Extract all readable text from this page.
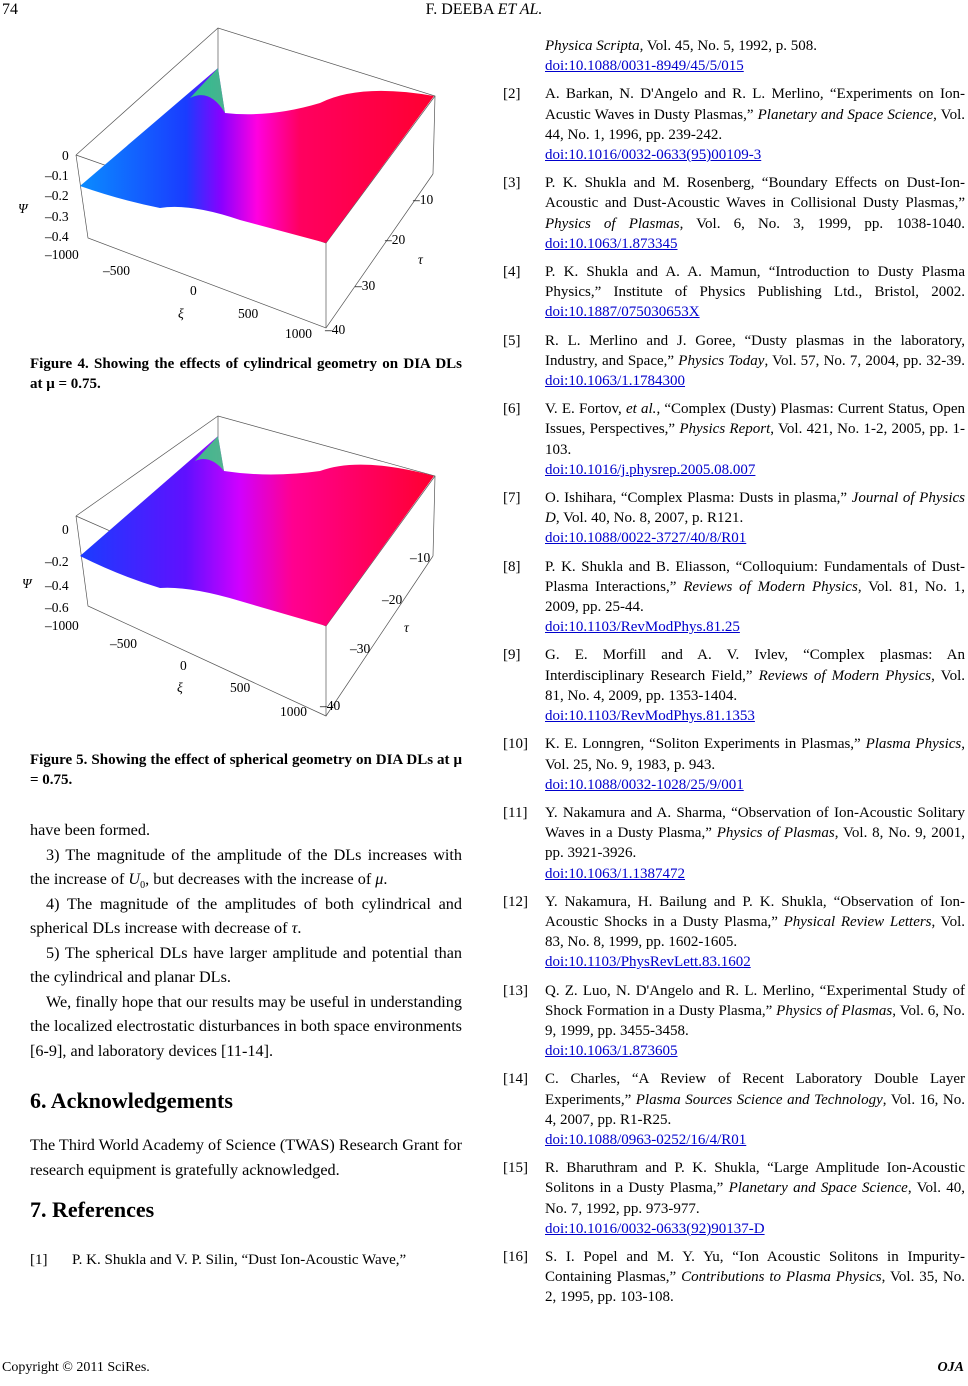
74	F. DEEBA ET AL.
0
–0.1
–0.2
–0.3
–0.4
Ψ
–1000
–500
0
500
1000
ξ
–10
–20
–30
–40
τ
Figure 4. Showing the effects of cylindrical geometry on DIA DLs at μ = 0.75.
0
–0.2
–0.4
–0.6
Ψ
–1000
–500
0
500
1000
ξ
–10
–20
–30
–40
τ
Figure 5. Showing the effect of spherical geometry on DIA DLs at μ = 0.75.

have been formed.

3) The magnitude of the amplitude of the DLs increases with the increase of $U_0$, but decreases with the increase of μ.

4) The magnitude of the amplitudes of both cylindrical and spherical DLs increase with decrease of τ.

5) The spherical DLs have larger amplitude and potential than the cylindrical and planar DLs.

We, finally hope that our results may be useful in understanding the localized electrostatic disturbances in both space environments [6-9], and laboratory devices [11-14].

6. Acknowledgements
The Third World Academy of Science (TWAS) Research Grant for research equipment is gratefully acknowledged.
7. References
[1] P. K. Shukla and V. P. Silin, “Dust Ion-Acoustic Wave,”
Physica Scripta, Vol. 45, No. 5, 1992, p. 508.
doi:10.1088/0031-8949/45/5/015
[2] A. Barkan, N. D'Angelo and R. L. Merlino, “Experiments on Ion-Acustic Waves in Dusty Plasmas,” Planetary and Space Science, Vol. 44, No. 1, 1996, pp. 239-242.
doi:10.1016/0032-0633(95)00109-3
[3] P. K. Shukla and M. Rosenberg, “Boundary Effects on Dust-Ion-Acoustic and Dust-Acoustic Waves in Collisional Dusty Plasmas,” Physics of Plasmas, Vol. 6, No. 3, 1999, pp. 1038-1040. doi:10.1063/1.873345
[4] P. K. Shukla and A. A. Mamun, “Introduction to Dusty Plasma Physics,” Institute of Physics Publishing Ltd., Bristol, 2002. doi:10.1887/075030653X
[5] R. L. Merlino and J. Goree, “Dusty plasmas in the laboratory, Industry, and Space,” Physics Today, Vol. 57, No. 7, 2004, pp. 32-39. doi:10.1063/1.1784300
[6] V. E. Fortov, et al., “Complex (Dusty) Plasmas: Current Status, Open Issues, Perspectives,” Physics Report, Vol. 421, No. 1-2, 2005, pp. 1-103.
doi:10.1016/j.physrep.2005.08.007
[7] O. Ishihara, “Complex Plasma: Dusts in plasma,” Journal of Physics D, Vol. 40, No. 8, 2007, p. R121.
doi:10.1088/0022-3727/40/8/R01
[8] P. K. Shukla and B. Eliasson, “Colloquium: Fundamentals of Dust-Plasma Interactions,” Reviews of Modern Physics, Vol. 81, No. 1, 2009, pp. 25-44.
doi:10.1103/RevModPhys.81.25
[9] G. E. Morfill and A. V. Ivlev, “Complex plasmas: An Interdisciplinary Research Field,” Reviews of Modern Physics, Vol. 81, No. 4, 2009, pp. 1353-1404.
doi:10.1103/RevModPhys.81.1353
[10] K. E. Lonngren, “Soliton Experiments in Plasmas,” Plasma Physics, Vol. 25, No. 9, 1983, p. 943.
doi:10.1088/0032-1028/25/9/001
[11] Y. Nakamura and A. Sharma, “Observation of Ion-Acoustic Solitary Waves in a Dusty Plasma,” Physics of Plasmas, Vol. 8, No. 9, 2001, pp. 3921-3926.
doi:10.1063/1.1387472
[12] Y. Nakamura, H. Bailung and P. K. Shukla, “Observation of Ion-Acoustic Shocks in a Dusty Plasma,” Physical Review Letters, Vol. 83, No. 8, 1999, pp. 1602-1605.
doi:10.1103/PhysRevLett.83.1602
[13] Q. Z. Luo, N. D'Angelo and R. L. Merlino, “Experimental Study of Shock Formation in a Dusty Plasma,” Physics of Plasmas, Vol. 6, No. 9, 1999, pp. 3455-3458.
doi:10.1063/1.873605
[14] C. Charles, “A Review of Recent Laboratory Double Layer Experiments,” Plasma Sources Science and Technology, Vol. 16, No. 4, 2007, pp. R1-R25.
doi:10.1088/0963-0252/16/4/R01
[15] R. Bharuthram and P. K. Shukla, “Large Amplitude Ion-Acoustic Solitons in a Dusty Plasma,” Planetary and Space Science, Vol. 40, No. 7, 1992, pp. 973-977.
doi:10.1016/0032-0633(92)90137-D
[16] S. I. Popel and M. Y. Yu, “Ion Acoustic Solitons in Impurity-Containing Plasmas,” Contributions to Plasma Physics, Vol. 35, No. 2, 1995, pp. 103-108.
Copyright © 2011 SciRes.	OJA
